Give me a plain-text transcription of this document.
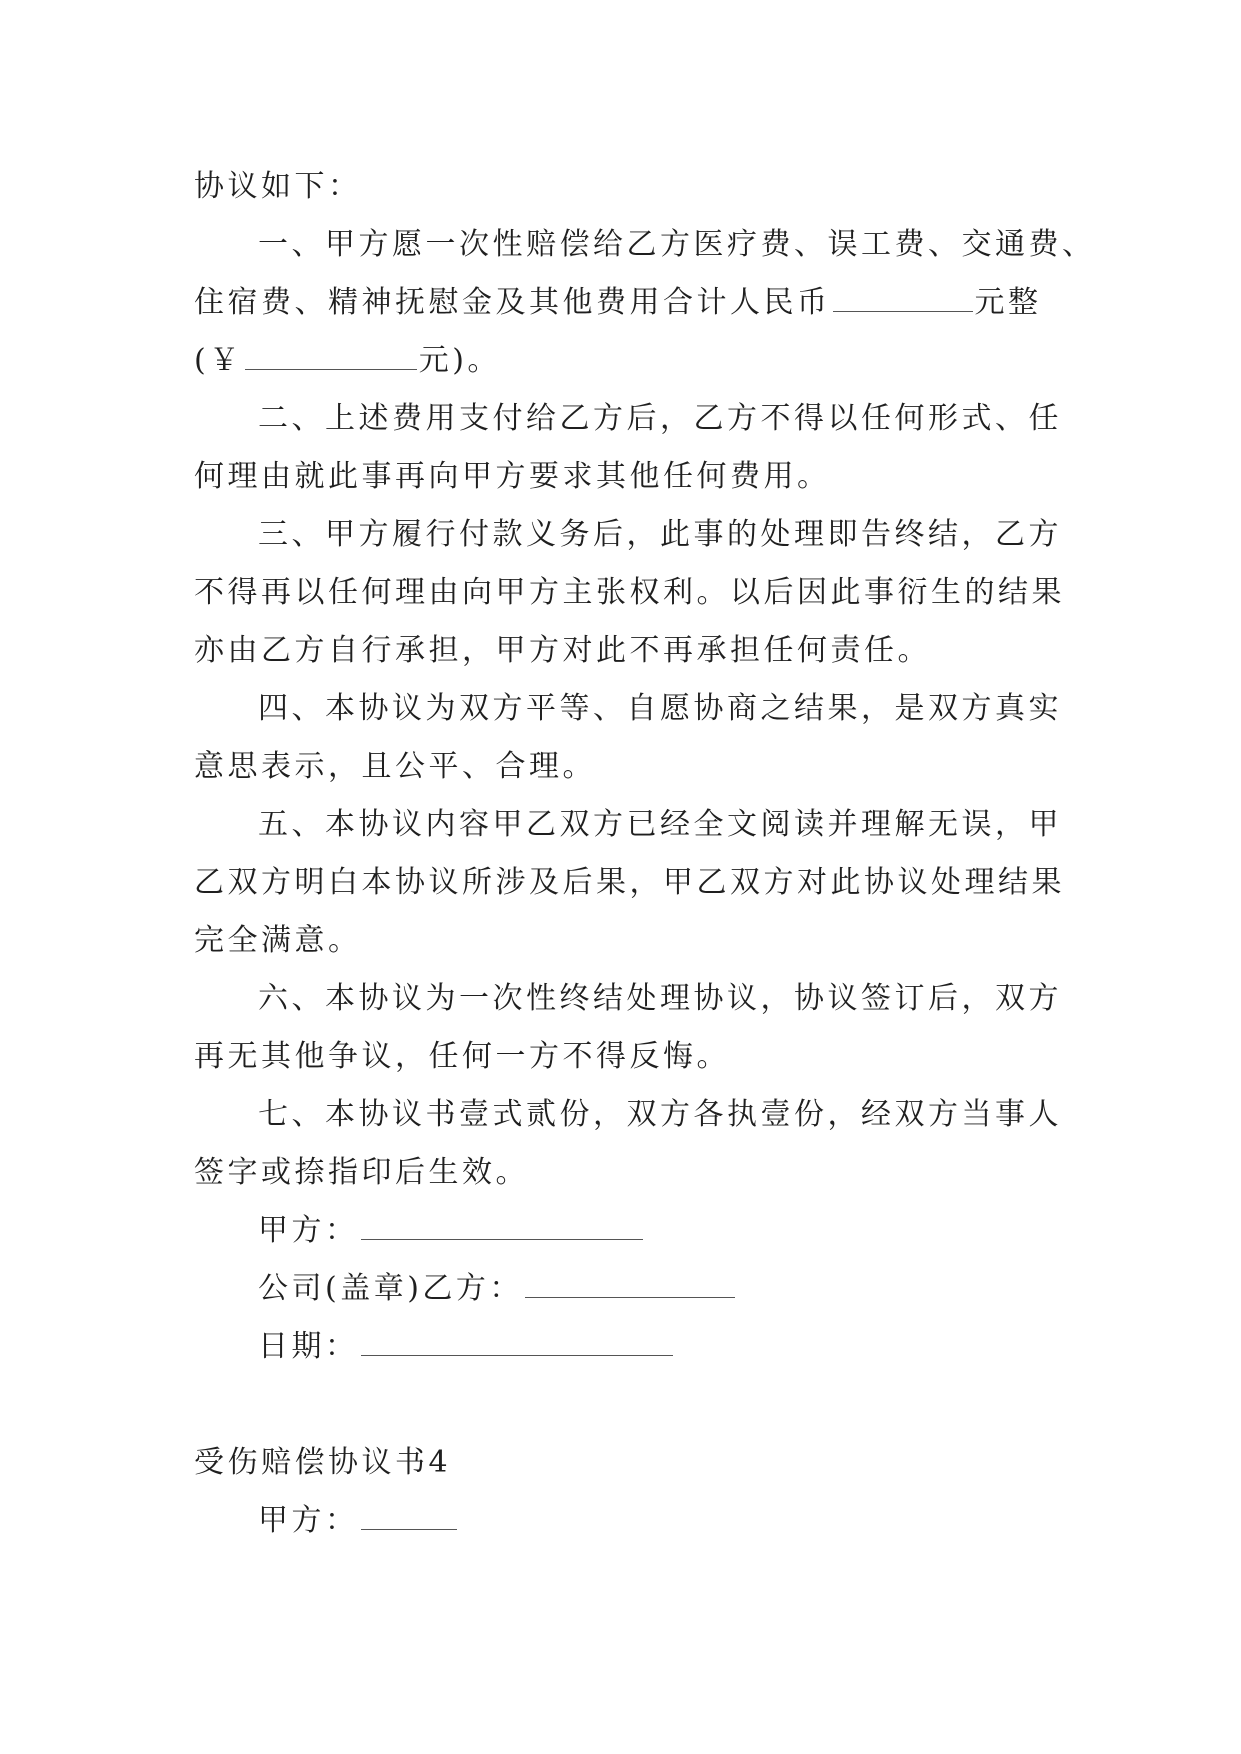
协议如下：
一、甲方愿一次性赔偿给乙方医疗费、误工费、交通费、
住宿费、精神抚慰金及其他费用合计人民币	元整
(￥	元)。
二、上述费用支付给乙方后，乙方不得以任何形式、任
何理由就此事再向甲方要求其他任何费用。
三、甲方履行付款义务后，此事的处理即告终结，乙方
不得再以任何理由向甲方主张权利。以后因此事衍生的结果
亦由乙方自行承担，甲方对此不再承担任何责任。
四、本协议为双方平等、自愿协商之结果，是双方真实
意思表示，且公平、合理。
五、本协议内容甲乙双方已经全文阅读并理解无误，甲
乙双方明白本协议所涉及后果，甲乙双方对此协议处理结果
完全满意。
六、本协议为一次性终结处理协议，协议签订后，双方
再无其他争议，任何一方不得反悔。
七、本协议书壹式贰份，双方各执壹份，经双方当事人
签字或捺指印后生效。
甲方：
公司(盖章)乙方：
日期：
受伤赔偿协议书4
甲方：
